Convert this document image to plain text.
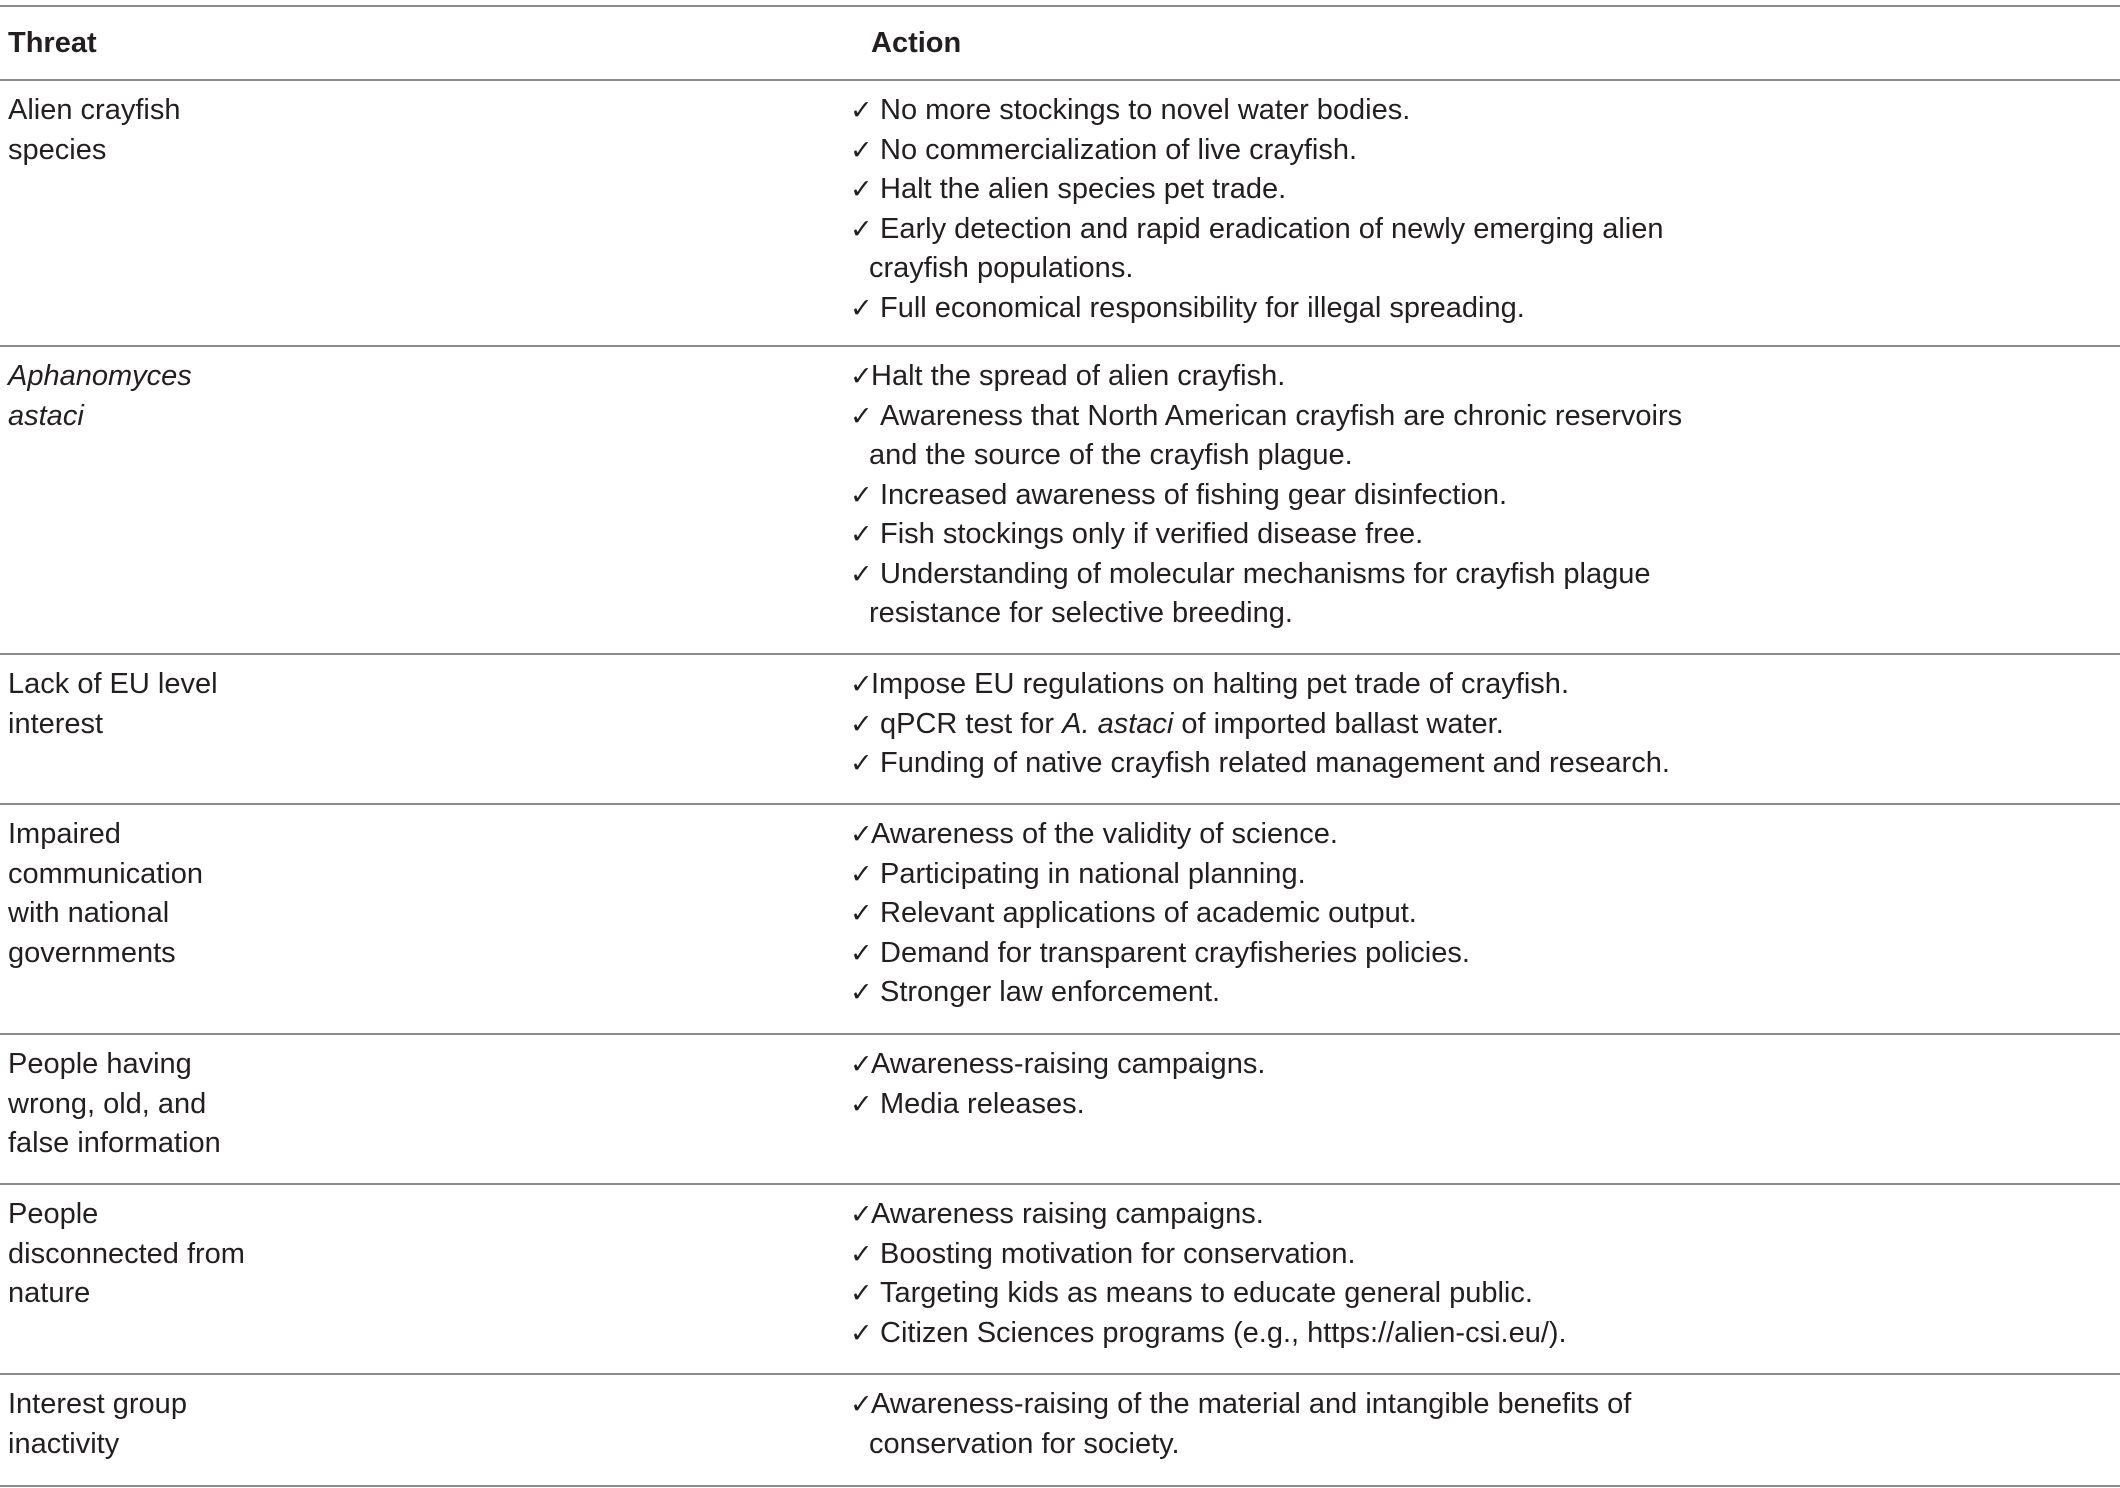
Threat	Action
Alien crayfish
species
✓ No more stockings to novel water bodies.
✓ No commercialization of live crayfish.
✓ Halt the alien species pet trade.
✓ Early detection and rapid eradication of newly emerging alien
crayfish populations.
✓ Full economical responsibility for illegal spreading.
Aphanomyces
astaci
✓
Halt the spread of alien crayfish.
✓ Awareness that North American crayfish are chronic reservoirs
and the source of the crayfish plague.
✓ Increased awareness of fishing gear disinfection.
✓ Fish stockings only if verified disease free.
✓ Understanding of molecular mechanisms for crayfish plague
resistance for selective breeding.
Lack of EU level
interest
✓
Impose EU regulations on halting pet trade of crayfish.
✓ qPCR test for A. astaci of imported ballast water.
✓ Funding of native crayfish related management and research.
Impaired
communication
with national
governments
✓
Awareness of the validity of science.
✓ Participating in national planning.
✓ Relevant applications of academic output.
✓ Demand for transparent crayfisheries policies.
✓ Stronger law enforcement.
People having
wrong, old, and
false information
✓
Awareness-raising campaigns.
✓ Media releases.
People
disconnected from
nature
✓
Awareness raising campaigns.
✓ Boosting motivation for conservation.
✓ Targeting kids as means to educate general public.
✓ Citizen Sciences programs (e.g., https://alien-csi.eu/).
Interest group
inactivity
✓
Awareness-raising of the material and intangible benefits of
conservation for society.
